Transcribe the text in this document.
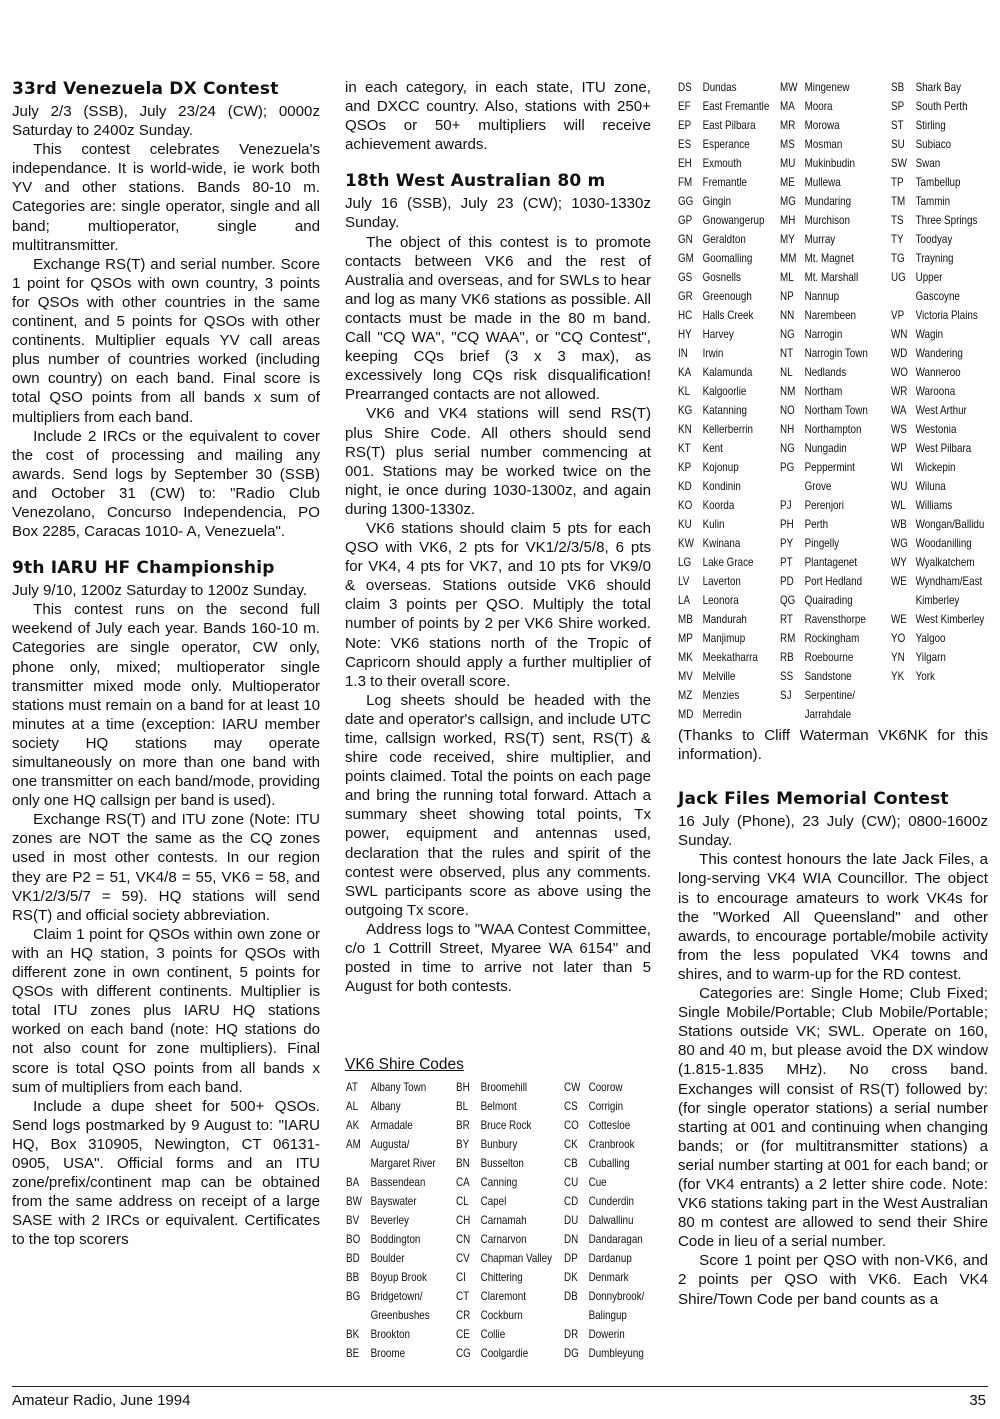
33rd Venezuela DX Contest

July 2/3 (SSB), July 23/24 (CW); 0000z Saturday to 2400z Sunday.

This contest celebrates Venezuela's independance. It is world-wide, ie work both YV and other stations. Bands 80-10 m. Categories are: single operator, single and all band; multioperator, single and multitransmitter.

Exchange RS(T) and serial number. Score 1 point for QSOs with own country, 3 points for QSOs with other countries in the same continent, and 5 points for QSOs with other continents. Multiplier equals YV call areas plus number of countries worked (including own country) on each band. Final score is total QSO points from all bands x sum of multipliers from each band.

Include 2 IRCs or the equivalent to cover the cost of processing and mailing any awards. Send logs by September 30 (SSB) and October 31 (CW) to: "Radio Club Venezolano, Concurso Independencia, PO Box 2285, Caracas 1010- A, Venezuela".

9th IARU HF Championship

July 9/10, 1200z Saturday to 1200z Sunday.

This contest runs on the second full weekend of July each year. Bands 160-10 m. Categories are single operator, CW only, phone only, mixed; multioperator single transmitter mixed mode only. Multioperator stations must remain on a band for at least 10 minutes at a time (exception: IARU member society HQ stations may operate simultaneously on more than one band with one transmitter on each band/mode, providing only one HQ callsign per band is used).

Exchange RS(T) and ITU zone (Note: ITU zones are NOT the same as the CQ zones used in most other contests. In our region they are P2 = 51, VK4/8 = 55, VK6 = 58, and VK1/2/3/5/7 = 59). HQ stations will send RS(T) and official society abbreviation.

Claim 1 point for QSOs within own zone or with an HQ station, 3 points for QSOs with different zone in own continent, 5 points for QSOs with different continents. Multiplier is total ITU zones plus IARU HQ stations worked on each band (note: HQ stations do not also count for zone multipliers). Final score is total QSO points from all bands x sum of multipliers from each band.

Include a dupe sheet for 500+ QSOs. Send logs postmarked by 9 August to: "IARU HQ, Box 310905, Newington, CT 06131-0905, USA". Official forms and an ITU zone/prefix/continent map can be obtained from the same address on receipt of a large SASE with 2 IRCs or equivalent. Certificates to the top scorers

in each category, in each state, ITU zone, and DXCC country. Also, stations with 250+ QSOs or 50+ multipliers will receive achievement awards.

18th West Australian 80 m

July 16 (SSB), July 23 (CW); 1030-1330z Sunday.

The object of this contest is to promote contacts between VK6 and the rest of Australia and overseas, and for SWLs to hear and log as many VK6 stations as possible. All contacts must be made in the 80 m band. Call "CQ WA", "CQ WAA", or "CQ Contest", keeping CQs brief (3 x 3 max), as excessively long CQs risk disqualification! Prearranged contacts are not allowed.

VK6 and VK4 stations will send RS(T) plus Shire Code. All others should send RS(T) plus serial number commencing at 001. Stations may be worked twice on the night, ie once during 1030-1300z, and again during 1300-1330z.

VK6 stations should claim 5 pts for each QSO with VK6, 2 pts for VK1/2/3/5/8, 6 pts for VK4, 4 pts for VK7, and 10 pts for VK9/0 & overseas. Stations outside VK6 should claim 3 points per QSO. Multiply the total number of points by 2 per VK6 Shire worked. Note: VK6 stations north of the Tropic of Capricorn should apply a further multiplier of 1.3 to their overall score.

Log sheets should be headed with the date and operator's callsign, and include UTC time, callsign worked, RS(T) sent, RS(T) & shire code received, shire multiplier, and points claimed. Total the points on each page and bring the running total forward. Attach a summary sheet showing total points, Tx power, equipment and antennas used, declaration that the rules and spirit of the contest were observed, plus any comments. SWL participants score as above using the outgoing Tx score.

Address logs to "WAA Contest Committee, c/o 1 Cottrill Street, Myaree WA 6154" and posted in time to arrive not later than 5 August for both contests.

VK6 Shire Codes
AT Albany Town
AL Albany
AK Armadale
AM Augusta/
Margaret River
BA Bassendean
BW Bayswater
BV Beverley
BO Boddington
BD Boulder
BB Boyup Brook
BG Bridgetown/
Greenbushes
BK Brookton
BE Broome
BH Broomehill
BL Belmont
BR Bruce Rock
BY Bunbury
BN Busselton
CA Canning
CL Capel
CH Carnamah
CN Carnarvon
CV Chapman Valley
CI Chittering
CT Claremont
CR Cockburn
CE Collie
CG Coolgardie
CW Coorow
CS Corrigin
CO Cottesloe
CK Cranbrook
CB Cuballing
CU Cue
CD Cunderdin
DU Dalwallinu
DN Dandaragan
DP Dardanup
DK Denmark
DB Donnybrook/
Balingup
DR Dowerin
DG Dumbleyung
DS Dundas
EF East Fremantle
EP East Pilbara
ES Esperance
EH Exmouth
FM Fremantle
GG Gingin
GP Gnowangerup
GN Geraldton
GM Goomalling
GS Gosnells
GR Greenough
HC Halls Creek
HY Harvey
IN Irwin
KA Kalamunda
KL Kalgoorlie
KG Katanning
KN Kellerberrin
KT Kent
KP Kojonup
KD Kondinin
KO Koorda
KU Kulin
KW Kwinana
LG Lake Grace
LV Laverton
LA Leonora
MB Mandurah
MP Manjimup
MK Meekatharra
MV Melville
MZ Menzies
MD Merredin
MW Mingenew
MA Moora
MR Morowa
MS Mosman
MU Mukinbudin
ME Mullewa
MG Mundaring
MH Murchison
MY Murray
MM Mt. Magnet
ML Mt. Marshall
NP Nannup
NN Narembeen
NG Narrogin
NT Narrogin Town
NL Nedlands
NM Northam
NO Northam Town
NH Northampton
NG Nungadin
PG Peppermint
Grove
PJ Perenjori
PH Perth
PY Pingelly
PT Plantagenet
PD Port Hedland
QG Quairading
RT Ravensthorpe
RM Rockingham
RB Roebourne
SS Sandstone
SJ Serpentine/
Jarrahdale
SB Shark Bay
SP South Perth
ST Stirling
SU Subiaco
SW Swan
TP Tambellup
TM Tammin
TS Three Springs
TY Toodyay
TG Trayning
UG Upper
Gascoyne
VP Victoria Plains
WN Wagin
WD Wandering
WO Wanneroo
WR Waroona
WA West Arthur
WS Westonia
WP West Pilbara
WI Wickepin
WU Wiluna
WL Williams
WB Wongan/Ballidu
WG Woodanilling
WY Wyalkatchem
WE Wyndham/East
Kimberley
WE West Kimberley
YO Yalgoo
YN Yilgarn
YK York

(Thanks to Cliff Waterman VK6NK for this information).

Jack Files Memorial Contest

16 July (Phone), 23 July (CW); 0800-1600z Sunday.

This contest honours the late Jack Files, a long-serving VK4 WIA Councillor. The object is to encourage amateurs to work VK4s for the "Worked All Queensland" and other awards, to encourage portable/mobile activity from the less populated VK4 towns and shires, and to warm-up for the RD contest.

Categories are: Single Home; Club Fixed; Single Mobile/Portable; Club Mobile/Portable; Stations outside VK; SWL. Operate on 160, 80 and 40 m, but please avoid the DX window (1.815-1.835 MHz). No cross band. Exchanges will consist of RS(T) followed by: (for single operator stations) a serial number starting at 001 and continuing when changing bands; or (for multitransmitter stations) a serial number starting at 001 for each band; or (for VK4 entrants) a 2 letter shire code. Note: VK6 stations taking part in the West Australian 80 m contest are allowed to send their Shire Code in lieu of a serial number.

Score 1 point per QSO with non-VK6, and 2 points per QSO with VK6. Each VK4 Shire/Town Code per band counts as a

Amateur Radio, June 1994	35
